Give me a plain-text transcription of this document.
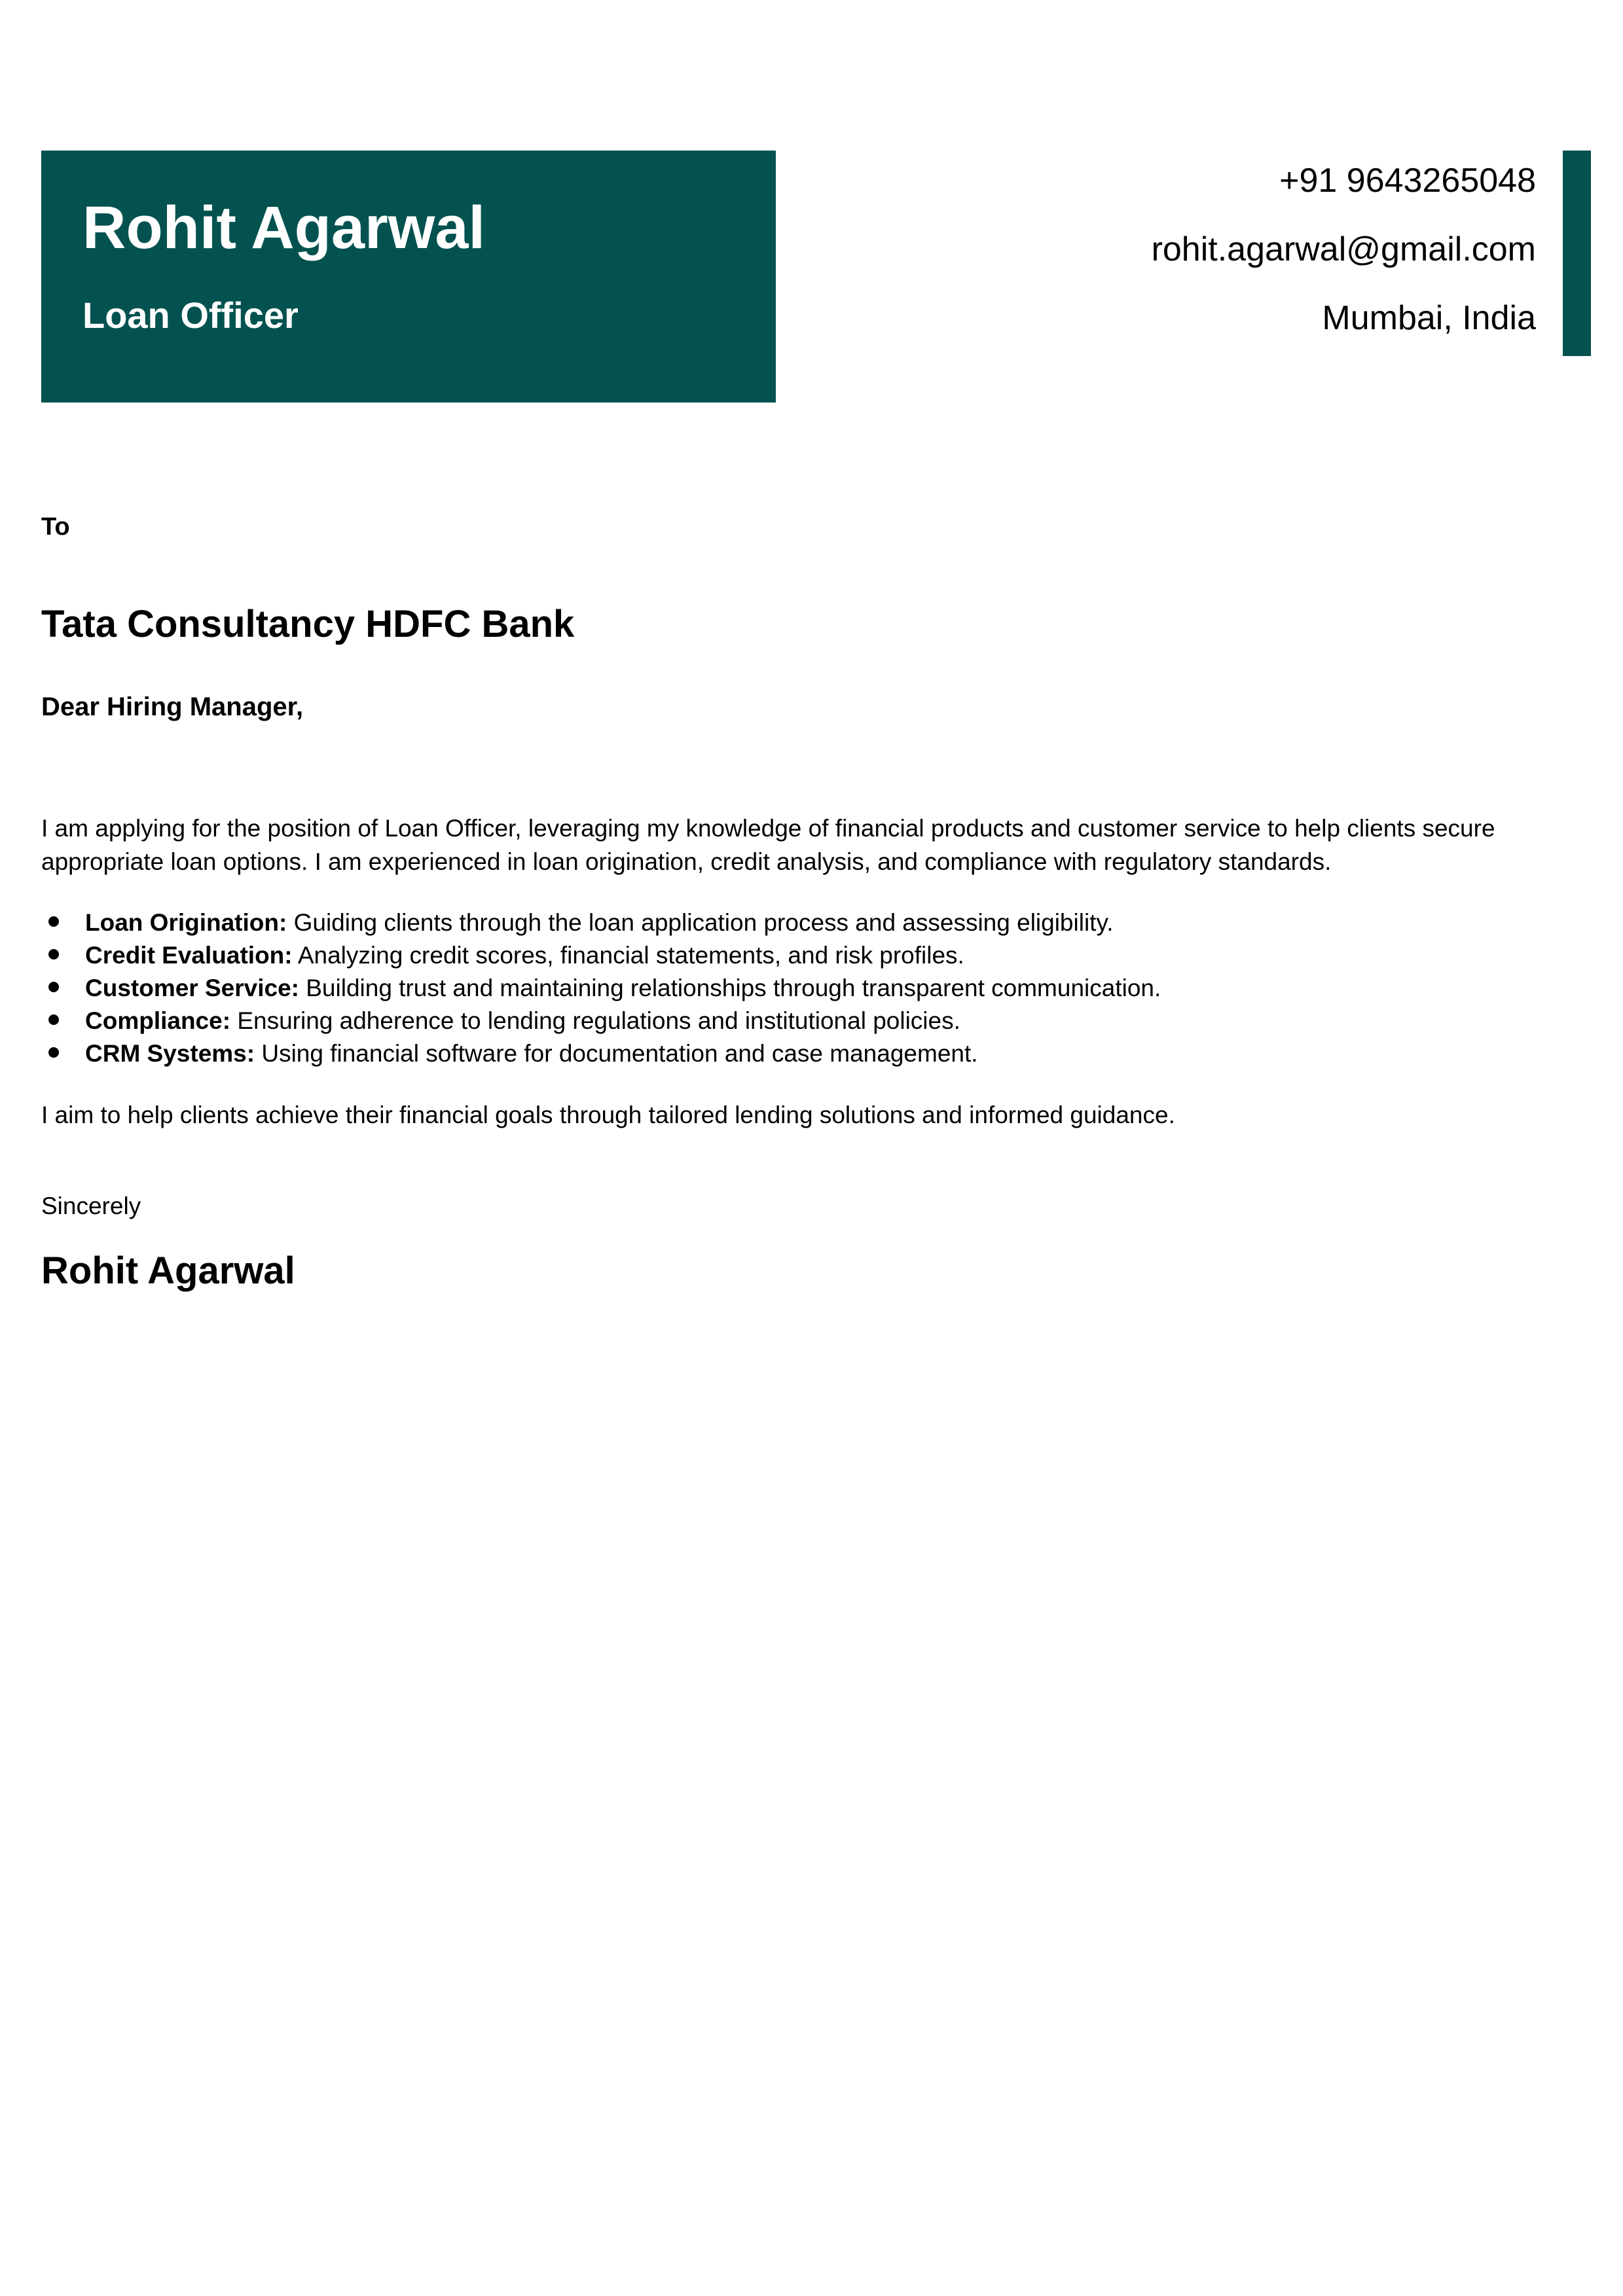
Rohit Agarwal
Loan Officer
+91 9643265048
rohit.agarwal@gmail.com
Mumbai, India
To
Tata Consultancy HDFC Bank
Dear Hiring Manager,

I am applying for the position of Loan Officer, leveraging my knowledge of financial products and customer service to help clients secure appropriate loan options. I am experienced in loan origination, credit analysis, and compliance with regulatory standards.

Loan Origination: Guiding clients through the loan application process and assessing eligibility.
Credit Evaluation: Analyzing credit scores, financial statements, and risk profiles.
Customer Service: Building trust and maintaining relationships through transparent communication.
Compliance: Ensuring adherence to lending regulations and institutional policies.
CRM Systems: Using financial software for documentation and case management.
I aim to help clients achieve their financial goals through tailored lending solutions and informed guidance.
Sincerely
Rohit Agarwal
